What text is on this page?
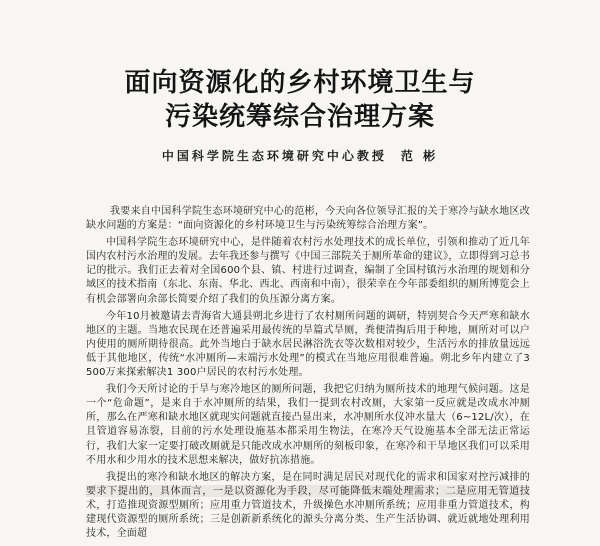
面向资源化的乡村环境卫生与
污染统筹综合治理方案
中国科学院生态环境研究中心教授 范 彬

我要来自中国科学院生态环境研究中心的范彬，今天向各位领导汇报的关于寒冷与缺水地区改缺水问题的方案是：“面向资源化的乡村环境卫生与污染统筹综合治理方案”。

中国科学院生态环境研究中心，是伴随着农村污水处理技术的成长单位，引领和推动了近几年国内农村污水治理的发展。去年我还参与撰写《中国三部院关于厕所革命的建议》，立即得到习总书记的批示。我们正去着对全国600个县、镇、村进行过调查，编制了全国村镇污水治理的规划和分域区的技术指南（东北、东南、华北、西北、西南和中南），很荣幸在今年部委组织的厕所博览会上有机会部署向余部长简要介绍了我们的负压源分离方案。

今年10月被邀请去青海省大通县朔北乡进行了农村厕所问题的调研，特别契合今天严寒和缺水地区的主题。当地农民现在还普遍采用最传统的旱篇式旱厕，粪便清掏后用于种地，厕所对可以户内使用的厕所期待很高。此外当地白于缺水居民淋浴洗衣等次数相对较少，生活污水的排放量远远低于其他地区，传统“水冲厕所—末端污水处理”的模式在当地应用很难普遍。朔北乡年内建立了3 500万来探索解决1 300户居民的农村污水处理。

我们今天所讨论的于旱与寒冷地区的厕所问题，我把它归纳为厕所技术的地理气候问题。这是一个“危命题”，是来自于水冲厕所的结果，我们一提到农村改厕，大家第一反应就是改成水冲厕所，那么在严寒和缺水地区就现实问题就直接凸显出来，水冲厕所水仪冲水量大（6~12L/次），在且管道容易冻裂，目前的污水处理设施基本都采用生物法，在寒冷天气设施基本全部无法正常运行，我们大家一定要打破改厕就是只能改成水冲厕所的刻板印象，在寒冷和干旱地区我们可以采用不用水和少用水的技术思想来解决，做好抗冻措施。

我提出的寒冷和缺水地区的解决方案，是在同时满足居民对现代化的需求和国家对控污减排的要求下提出的，具体而言，一是以资源化为手段，尽可能降低末端处理需求；二是应用无管道技术，打造推现资源型厕所；应用重力管道技术，升级操色水冲厕所系统；应用非重力管道技术，构建现代资源型的厕所系统；三是创新新系统化的源头分离分类、生产生活协调、就近就地处理利用技术，全面超
